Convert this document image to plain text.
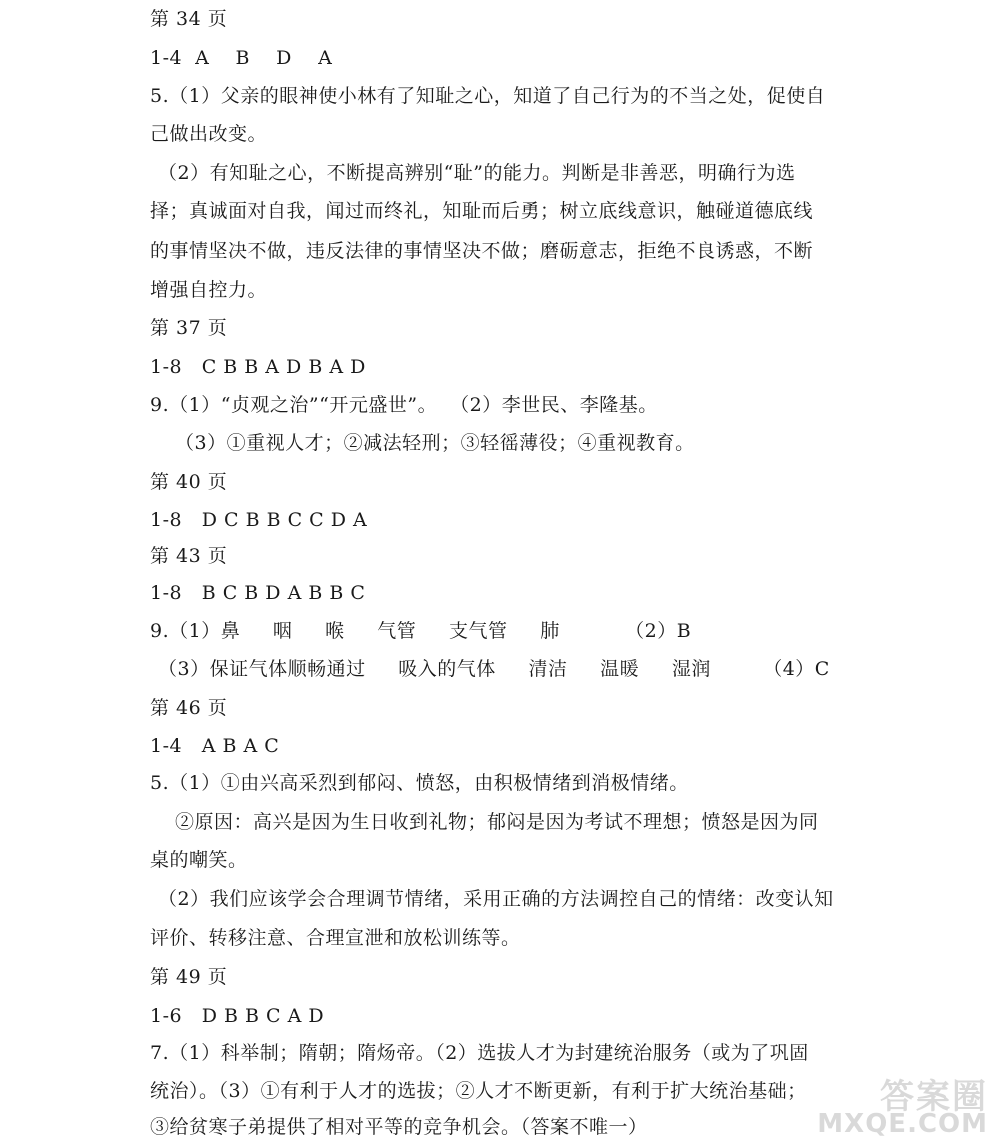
第 34 页
1-4  A    B    D    A
5.（1）父亲的眼神使小林有了知耻之心，知道了自己行为的不当之处，促使自
己做出改变。
（2）有知耻之心，不断提高辨别“耻”的能力。判断是非善恶，明确行为选
择；真诚面对自我，闻过而终礼，知耻而后勇；树立底线意识，触碰道德底线
的事情坚决不做，违反法律的事情坚决不做；磨砺意志，拒绝不良诱惑，不断
增强自控力。
第 37 页
1-8   C B B A D B A D
9.（1）“贞观之治”“开元盛世”。  （2）李世民、李隆基。
（3）①重视人才；②减法轻刑；③轻徭薄役；④重视教育。
第 40 页
1-8   D C B B C C D A
第 43 页
1-8   B C B D A B B C
9.（1）鼻     咽     喉     气管     支气管     肺          （2）B
（3）保证气体顺畅通过     吸入的气体     清洁     温暖     湿润        （4）C
第 46 页
1-4   A B A C
5.（1）①由兴高采烈到郁闷、愤怒，由积极情绪到消极情绪。
②原因：高兴是因为生日收到礼物；郁闷是因为考试不理想；愤怒是因为同
桌的嘲笑。
（2）我们应该学会合理调节情绪，采用正确的方法调控自己的情绪：改变认知
评价、转移注意、合理宣泄和放松训练等。
第 49 页
1-6   D B B C A D
7.（1）科举制；隋朝；隋炀帝。（2）选拔人才为封建统治服务（或为了巩固
统治）。（3）①有利于人才的选拔；②人才不断更新，有利于扩大统治基础；
③给贫寒子弟提供了相对平等的竞争机会。（答案不唯一）
答案圈
MXQE.COM
